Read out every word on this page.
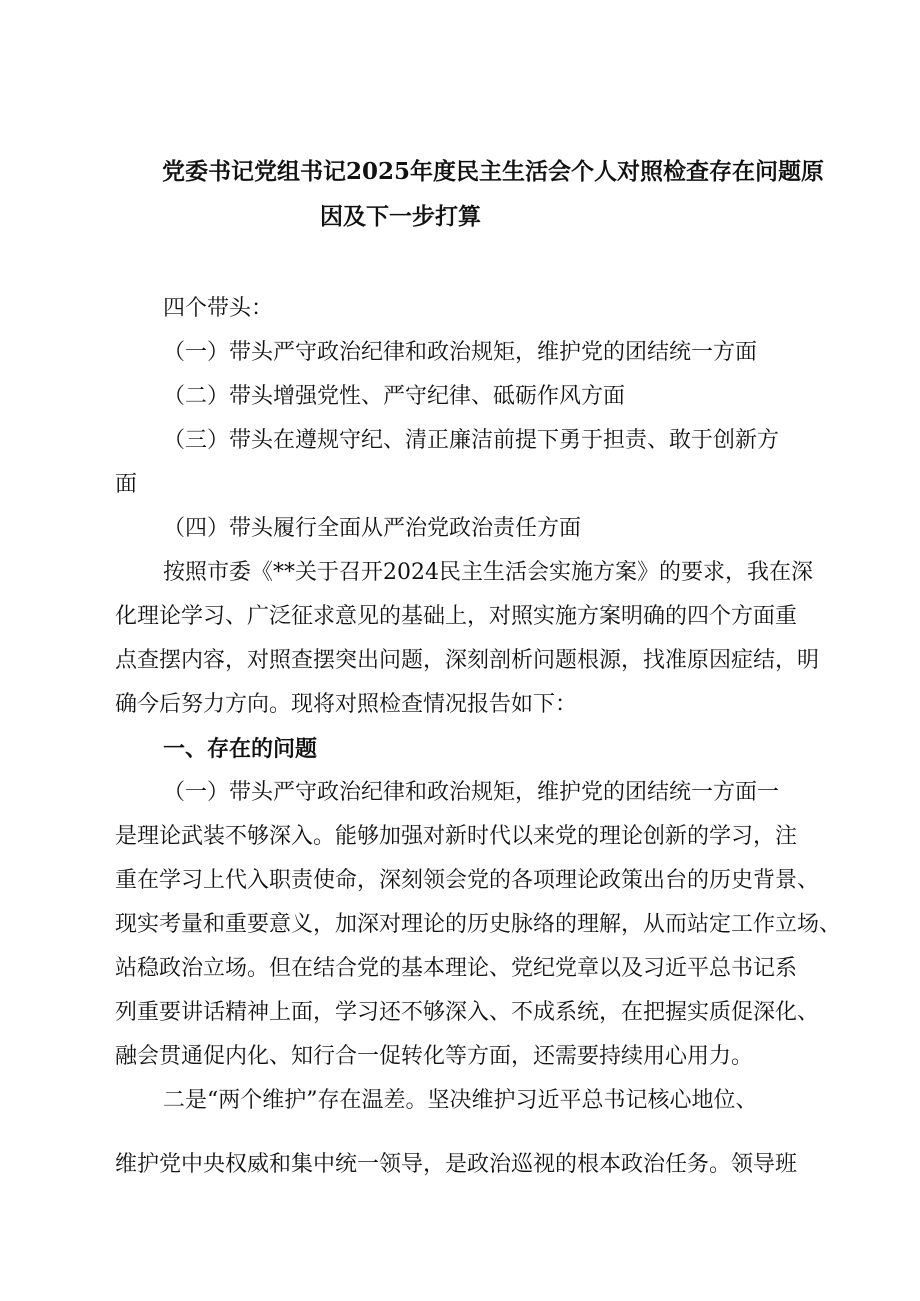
党委书记党组书记2025年度民主生活会个人对照检查存在问题原
因及下一步打算
四个带头：
（一）带头严守政治纪律和政治规矩，维护党的团结统一方面
（二）带头增强党性、严守纪律、砥砺作风方面
（三）带头在遵规守纪、清正廉洁前提下勇于担责、敢于创新方
面
（四）带头履行全面从严治党政治责任方面
按照市委《**关于召开2024民主生活会实施方案》的要求，我在深
化理论学习、广泛征求意见的基础上，对照实施方案明确的四个方面重
点查摆内容，对照查摆突出问题，深刻剖析问题根源，找准原因症结，明
确今后努力方向。现将对照检查情况报告如下：
一、存在的问题
（一）带头严守政治纪律和政治规矩，维护党的团结统一方面一
是理论武装不够深入。能够加强对新时代以来党的理论创新的学习，注
重在学习上代入职责使命，深刻领会党的各项理论政策出台的历史背景、
现实考量和重要意义，加深对理论的历史脉络的理解，从而站定工作立场、
站稳政治立场。但在结合党的基本理论、党纪党章以及习近平总书记系
列重要讲话精神上面，学习还不够深入、不成系统，在把握实质促深化、
融会贯通促内化、知行合一促转化等方面，还需要持续用心用力。
二是“两个维护”存在温差。坚决维护习近平总书记核心地位、
维护党中央权威和集中统一领导，是政治巡视的根本政治任务。领导班
